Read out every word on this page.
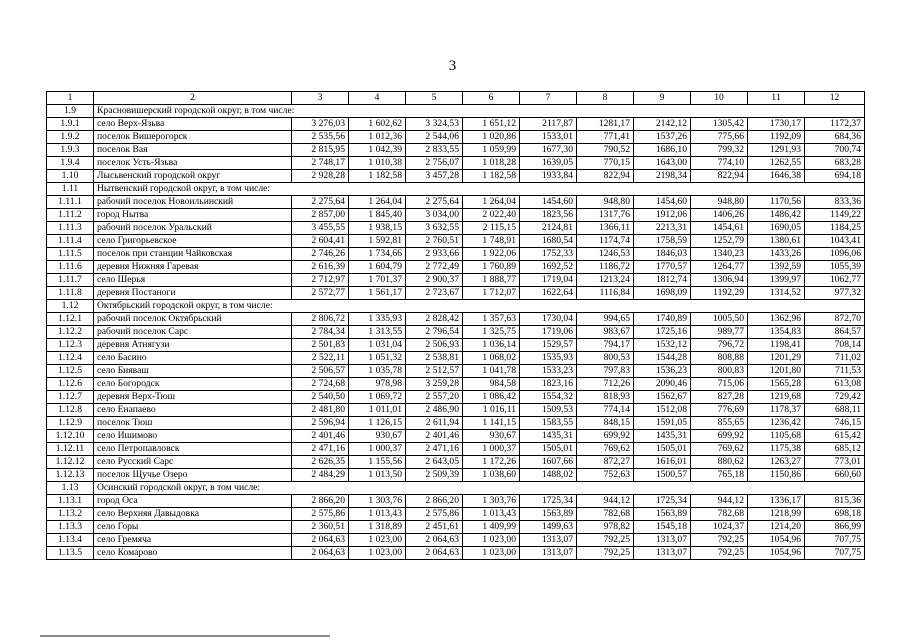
3
1	2	3	4	5	6	7	8	9	10	11	12
1.9	Красновишерский городской округ, в том числе:										
1.9.1	село Верх-Язьва	3 276,03	1 602,62	3 324,53	1 651,12	2117,87	1281,17	2142,12	1305,42	1730,17	1172,37
1.9.2	поселок Вишерогорск	2 535,56	1 012,36	2 544,06	1 020,86	1533,01	771,41	1537,26	775,66	1192,09	684,36
1.9.3	поселок Вая	2 815,95	1 042,39	2 833,55	1 059,99	1677,30	790,52	1686,10	799,32	1291,93	700,74
1.9.4	поселок Усть-Язьва	2 748,17	1 010,38	2 756,07	1 018,28	1639,05	770,15	1643,00	774,10	1262,55	683,28
1.10	Лысьвенский городской округ	2 928,28	1 182,58	3 457,28	1 182,58	1933,84	822,94	2198,34	822,94	1646,38	694,18
1.11	Нытвенский городской округ, в том числе:										
1.11.1	рабочий поселок Новоильинский	2 275,64	1 264,04	2 275,64	1 264,04	1454,60	948,80	1454,60	948,80	1170,56	833,36
1.11.2	город Нытва	2 857,00	1 845,40	3 034,00	2 022,40	1823,56	1317,76	1912,06	1406,26	1486,42	1149,22
1.11.3	рабочий поселок Уральский	3 455,55	1 938,15	3 632,55	2 115,15	2124,81	1366,11	2213,31	1454,61	1690,05	1184,25
1.11.4	село Григорьевское	2 604,41	1 592,81	2 760,51	1 748,91	1680,54	1174,74	1758,59	1252,79	1380,61	1043,41
1.11.5	поселок при станции Чайковская	2 746,26	1 734,66	2 933,66	1 922,06	1752,33	1246,53	1846,03	1340,23	1433,26	1096,06
1.11.6	деревня Нижняя Гаревая	2 616,39	1 604,79	2 772,49	1 760,89	1692,52	1186,72	1770,57	1264,77	1392,59	1055,39
1.11.7	село Шерья	2 712,97	1 701,37	2 900,37	1 888,77	1719,04	1213,24	1812,74	1306,94	1399,97	1062,77
1.11.8	деревня Постаноги	2 572,77	1 561,17	2 723,67	1 712,07	1622,64	1116,84	1698,09	1192,29	1314,52	977,32
1.12	Октябрьский городской округ, в том числе:										
1.12.1	рабочий поселок Октябрьский	2 806,72	1 335,93	2 828,42	1 357,63	1730,04	994,65	1740,89	1005,50	1362,96	872,70
1.12.2	рабочий поселок Сарс	2 784,34	1 313,55	2 796,54	1 325,75	1719,06	983,67	1725,16	989,77	1354,83	864,57
1.12.3	деревня Атнягузи	2 501,83	1 031,04	2 506,93	1 036,14	1529,57	794,17	1532,12	796,72	1198,41	708,14
1.12.4	село Басино	2 522,11	1 051,32	2 538,81	1 068,02	1535,93	800,53	1544,28	808,88	1201,29	711,02
1.12.5	село Бияваш	2 506,57	1 035,78	2 512,57	1 041,78	1533,23	797,83	1536,23	800,83	1201,80	711,53
1.12.6	село Богородск	2 724,68	978,98	3 259,28	984,58	1823,16	712,26	2090,46	715,06	1565,28	613,08
1.12.7	деревня Верх-Тюш	2 540,50	1 069,72	2 557,20	1 086,42	1554,32	818,93	1562,67	827,28	1219,68	729,42
1.12.8	село Енапаево	2 481,80	1 011,01	2 486,90	1 016,11	1509,53	774,14	1512,08	776,69	1178,37	688,11
1.12.9	поселок Тюш	2 596,94	1 126,15	2 611,94	1 141,15	1583,55	848,15	1591,05	855,65	1236,42	746,15
1.12.10	село Ишимово	2 401,46	930,67	2 401,46	930,67	1435,31	699,92	1435,31	699,92	1105,68	615,42
1.12.11	село Петропавловск	2 471,16	1 000,37	2 471,16	1 000,37	1505,01	769,62	1505,01	769,62	1175,38	685,12
1.12.12	село Русский Сарс	2 626,35	1 155,56	2 643,05	1 172,26	1607,66	872,27	1616,01	880,62	1263,27	773,01
1.12.13	поселок Щучье Озеро	2 484,29	1 013,50	2 509,39	1 038,60	1488,02	752,63	1500,57	765,18	1150,86	660,60
1.13	Осинский городской округ, в том числе:										
1.13.1	город Оса	2 866,20	1 303,76	2 866,20	1 303,76	1725,34	944,12	1725,34	944,12	1336,17	815,36
1.13.2	село Верхняя Давыдовка	2 575,86	1 013,43	2 575,86	1 013,43	1563,89	782,68	1563,89	782,68	1218,99	698,18
1.13.3	село Горы	2 360,51	1 318,89	2 451,61	1 409,99	1499,63	978,82	1545,18	1024,37	1214,20	866,99
1.13.4	село Гремяча	2 064,63	1 023,00	2 064,63	1 023,00	1313,07	792,25	1313,07	792,25	1054,96	707,75
1.13.5	село Комарово	2 064,63	1 023,00	2 064,63	1 023,00	1313,07	792,25	1313,07	792,25	1054,96	707,75
